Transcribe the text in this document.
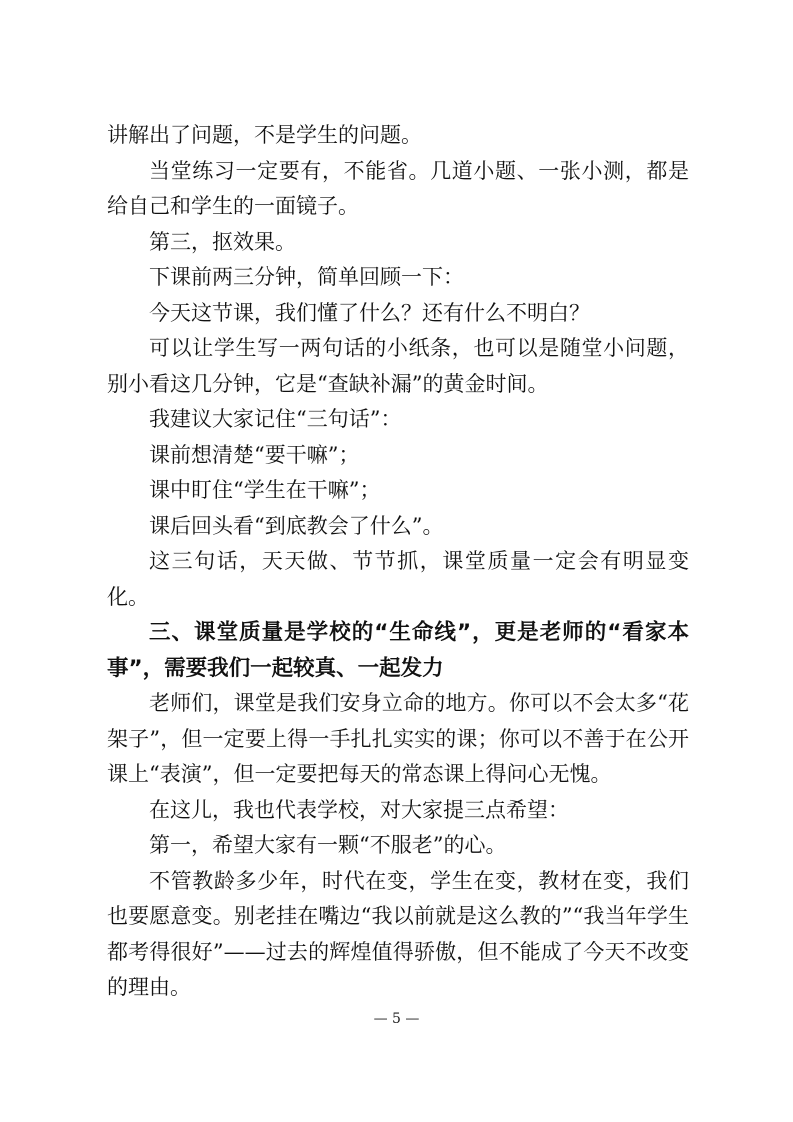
讲解出了问题，不是学生的问题。

当堂练习一定要有，不能省。几道小题、一张小测，都是给自己和学生的一面镜子。

第三，抠效果。

下课前两三分钟，简单回顾一下：

今天这节课，我们懂了什么？还有什么不明白？

可以让学生写一两句话的小纸条，也可以是随堂小问题，别小看这几分钟，它是“查缺补漏”的黄金时间。

我建议大家记住“三句话”：

课前想清楚“要干嘛”；

课中盯住“学生在干嘛”；

课后回头看“到底教会了什么”。

这三句话，天天做、节节抓，课堂质量一定会有明显变化。

三、课堂质量是学校的“生命线”，更是老师的“看家本事”，需要我们一起较真、一起发力

老师们，课堂是我们安身立命的地方。你可以不会太多“花架子”，但一定要上得一手扎扎实实的课；你可以不善于在公开课上“表演”，但一定要把每天的常态课上得问心无愧。

在这儿，我也代表学校，对大家提三点希望：

第一，希望大家有一颗“不服老”的心。

不管教龄多少年，时代在变，学生在变，教材在变，我们也要愿意变。别老挂在嘴边“我以前就是这么教的”“我当年学生都考得很好”——过去的辉煌值得骄傲，但不能成了今天不改变的理由。

— 5 —
